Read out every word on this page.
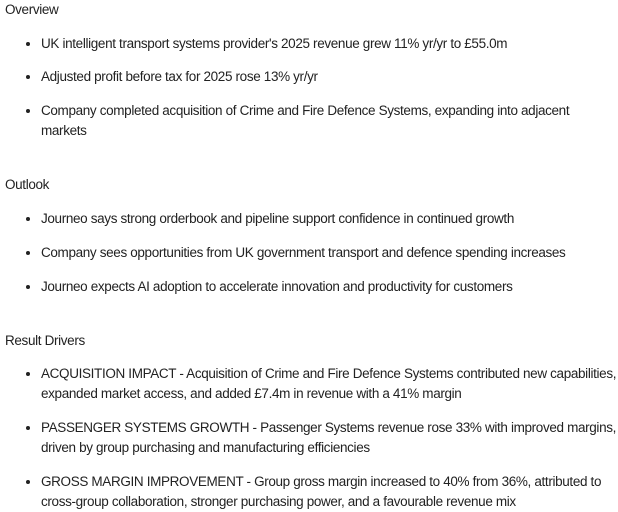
Overview
UK intelligent transport systems provider's 2025 revenue grew 11% yr/yr to £55.0m
Adjusted profit before tax for 2025 rose 13% yr/yr
Company completed acquisition of Crime and Fire Defence Systems, expanding into adjacent markets
Outlook
Journeo says strong orderbook and pipeline support confidence in continued growth
Company sees opportunities from UK government transport and defence spending increases
Journeo expects AI adoption to accelerate innovation and productivity for customers
Result Drivers
ACQUISITION IMPACT - Acquisition of Crime and Fire Defence Systems contributed new capabilities, expanded market access, and added £7.4m in revenue with a 41% margin
PASSENGER SYSTEMS GROWTH - Passenger Systems revenue rose 33% with improved margins, driven by group purchasing and manufacturing efficiencies
GROSS MARGIN IMPROVEMENT - Group gross margin increased to 40% from 36%, attributed to cross-group collaboration, stronger purchasing power, and a favourable revenue mix
